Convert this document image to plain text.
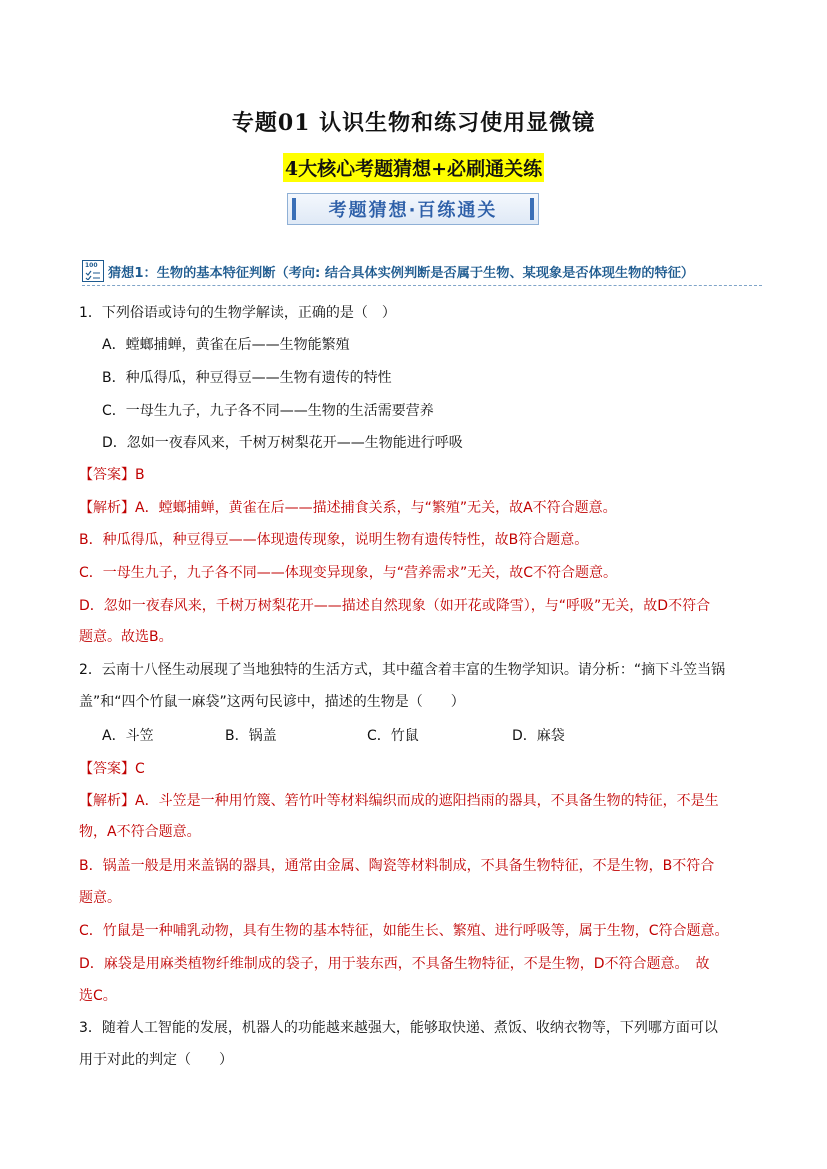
专题01 认识生物和练习使用显微镜
4大核心考题猜想+必刷通关练
考题猜想·百练通关
100 猜想1：生物的基本特征判断（考向: 结合具体实例判断是否属于生物、某现象是否体现生物的特征）
1．下列俗语或诗句的生物学解读，正确的是（　）
A．螳螂捕蝉，黄雀在后——生物能繁殖
B．种瓜得瓜，种豆得豆——生物有遗传的特性
C．一母生九子，九子各不同——生物的生活需要营养
D．忽如一夜春风来，千树万树梨花开——生物能进行呼吸
【答案】B
【解析】A．螳螂捕蝉，黄雀在后——描述捕食关系，与“繁殖”无关，故A不符合题意。
B．种瓜得瓜，种豆得豆——体现遗传现象，说明生物有遗传特性，故B符合题意。
C．一母生九子，九子各不同——体现变异现象，与“营养需求”无关，故C不符合题意。
D．忽如一夜春风来，千树万树梨花开——描述自然现象（如开花或降雪），与“呼吸”无关，故D不符合
题意。故选B。
2．云南十八怪生动展现了当地独特的生活方式，其中蕴含着丰富的生物学知识。请分析：“摘下斗笠当锅
盖”和“四个竹鼠一麻袋”这两句民谚中，描述的生物是（　　）
A．斗笠	B．锅盖	C．竹鼠	D．麻袋
【答案】C
【解析】A．斗笠是一种用竹篾、箬竹叶等材料编织而成的遮阳挡雨的器具，不具备生物的特征，不是生
物，A不符合题意。
B．锅盖一般是用来盖锅的器具，通常由金属、陶瓷等材料制成，不具备生物特征，不是生物，B不符合
题意。
C．竹鼠是一种哺乳动物，具有生物的基本特征，如能生长、繁殖、进行呼吸等，属于生物，C符合题意。
D．麻袋是用麻类植物纤维制成的袋子，用于装东西，不具备生物特征，不是生物，D不符合题意。　故
选C。
3．随着人工智能的发展，机器人的功能越来越强大，能够取快递、煮饭、收纳衣物等，下列哪方面可以
用于对此的判定（　　）
